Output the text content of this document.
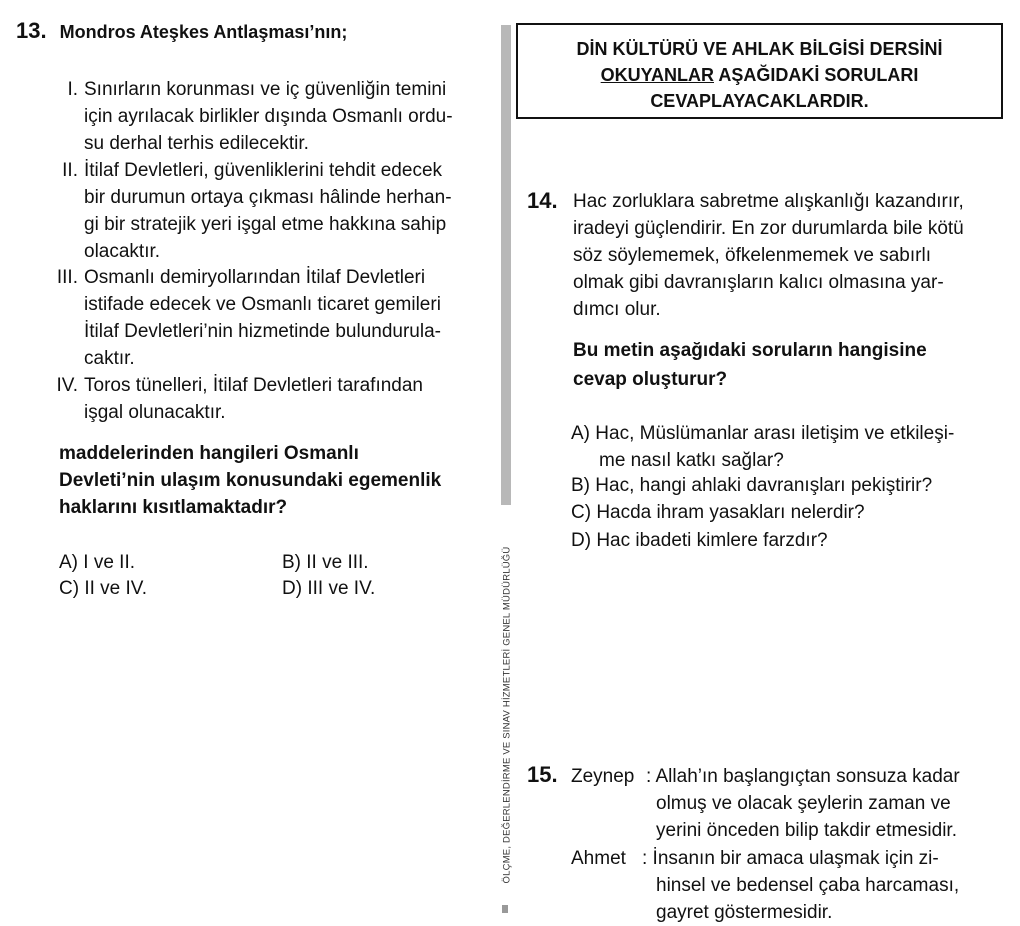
13. Mondros Ateşkes Antlaşması’nın;
I. Sınırların korunması ve iç güvenliğin temini
için ayrılacak birlikler dışında Osmanlı ordu-
su derhal terhis edilecektir.
II. İtilaf Devletleri, güvenliklerini tehdit edecek
bir durumun ortaya çıkması hâlinde herhan-
gi bir stratejik yeri işgal etme hakkına sahip
olacaktır.
III. Osmanlı demiryollarından İtilaf Devletleri
istifade edecek ve Osmanlı ticaret gemileri
İtilaf Devletleri’nin hizmetinde bulundurula-
caktır.
IV. Toros tünelleri, İtilaf Devletleri tarafından
işgal olunacaktır.
maddelerinden hangileri Osmanlı
Devleti’nin ulaşım konusundaki egemenlik
haklarını kısıtlamaktadır?
A) I ve II.	B) II ve III.
C) II ve IV.	D) III ve IV.	ÖLÇME, DEĞERLENDİRME VE SINAV HİZMETLERİ GENEL MÜDÜRLÜĞÜ
DİN KÜLTÜRÜ VE AHLAK BİLGİSİ DERSİNİ
OKUYANLAR AŞAĞIDAKİ SORULARI
CEVAPLAYACAKLARDIR.
14. Hac zorluklara sabretme alışkanlığı kazandırır,
iradeyi güçlendirir. En zor durumlarda bile kötü
söz söylememek, öfkelenmemek ve sabırlı
olmak gibi davranışların kalıcı olmasına yar-
dımcı olur.
Bu metin aşağıdaki soruların hangisine
cevap oluşturur?
A) Hac, Müslümanlar arası iletişim ve etkileşi-
me nasıl katkı sağlar?
B) Hac, hangi ahlaki davranışları pekiştirir?
C) Hacda ihram yasakları nelerdir?
D) Hac ibadeti kimlere farzdır?
15. Zeynep : Allah’ın başlangıçtan sonsuza kadar
olmuş ve olacak şeylerin zaman ve
yerini önceden bilip takdir etmesidir.
Ahmet : İnsanın bir amaca ulaşmak için zi-
hinsel ve bedensel çaba harcaması,
gayret göstermesidir.
